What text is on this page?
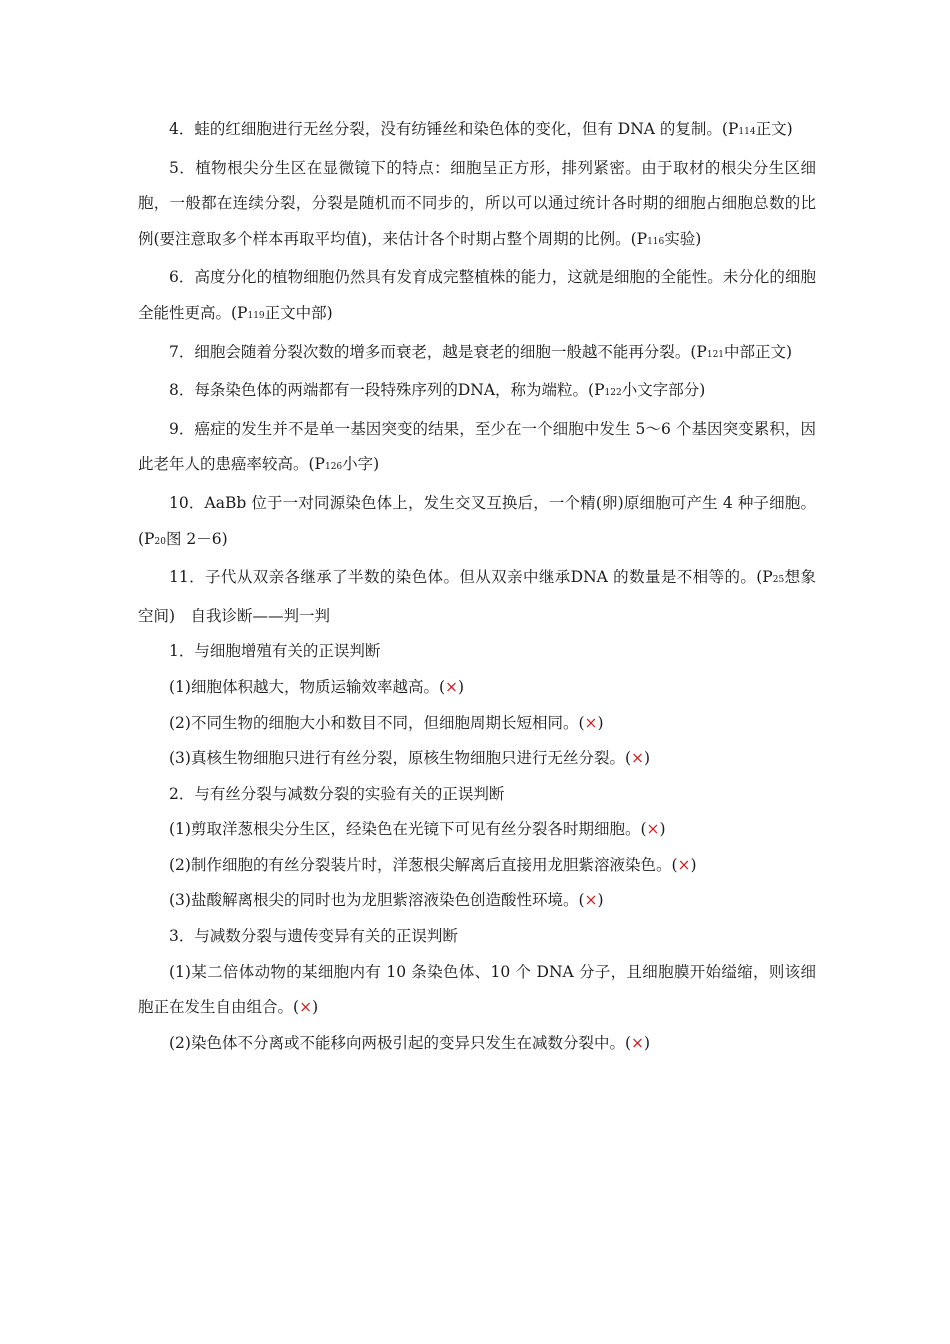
4．蛙的红细胞进行无丝分裂，没有纺锤丝和染色体的变化，但有 DNA 的复制。(P114正文)

5．植物根尖分生区在显微镜下的特点：细胞呈正方形，排列紧密。由于取材的根尖分生区细胞，一般都在连续分裂，分裂是随机而不同步的，所以可以通过统计各时期的细胞占细胞总数的比例(要注意取多个样本再取平均值)，来估计各个时期占整个周期的比例。(P116实验)

6．高度分化的植物细胞仍然具有发育成完整植株的能力，这就是细胞的全能性。未分化的细胞全能性更高。(P119正文中部)

7．细胞会随着分裂次数的增多而衰老，越是衰老的细胞一般越不能再分裂。(P121中部正文)

8．每条染色体的两端都有一段特殊序列的DNA，称为端粒。(P122小文字部分)

9．癌症的发生并不是单一基因突变的结果，至少在一个细胞中发生 5～6 个基因突变累积，因此老年人的患癌率较高。(P126小字)

10．AaBb 位于一对同源染色体上，发生交叉互换后，一个精(卵)原细胞可产生 4 种子细胞。(P20图 2－6)

11．子代从双亲各继承了半数的染色体。但从双亲中继承DNA 的数量是不相等的。(P25想象空间)　自我诊断——判一判

1．与细胞增殖有关的正误判断

(1)细胞体积越大，物质运输效率越高。(×)

(2)不同生物的细胞大小和数目不同，但细胞周期长短相同。(×)

(3)真核生物细胞只进行有丝分裂，原核生物细胞只进行无丝分裂。(×)

2．与有丝分裂与减数分裂的实验有关的正误判断

(1)剪取洋葱根尖分生区，经染色在光镜下可见有丝分裂各时期细胞。(×)

(2)制作细胞的有丝分裂装片时，洋葱根尖解离后直接用龙胆紫溶液染色。(×)

(3)盐酸解离根尖的同时也为龙胆紫溶液染色创造酸性环境。(×)

3．与减数分裂与遗传变异有关的正误判断

(1)某二倍体动物的某细胞内有 10 条染色体、10 个 DNA 分子，且细胞膜开始缢缩，则该细胞正在发生自由组合。(×)

(2)染色体不分离或不能移向两极引起的变异只发生在减数分裂中。(×)
